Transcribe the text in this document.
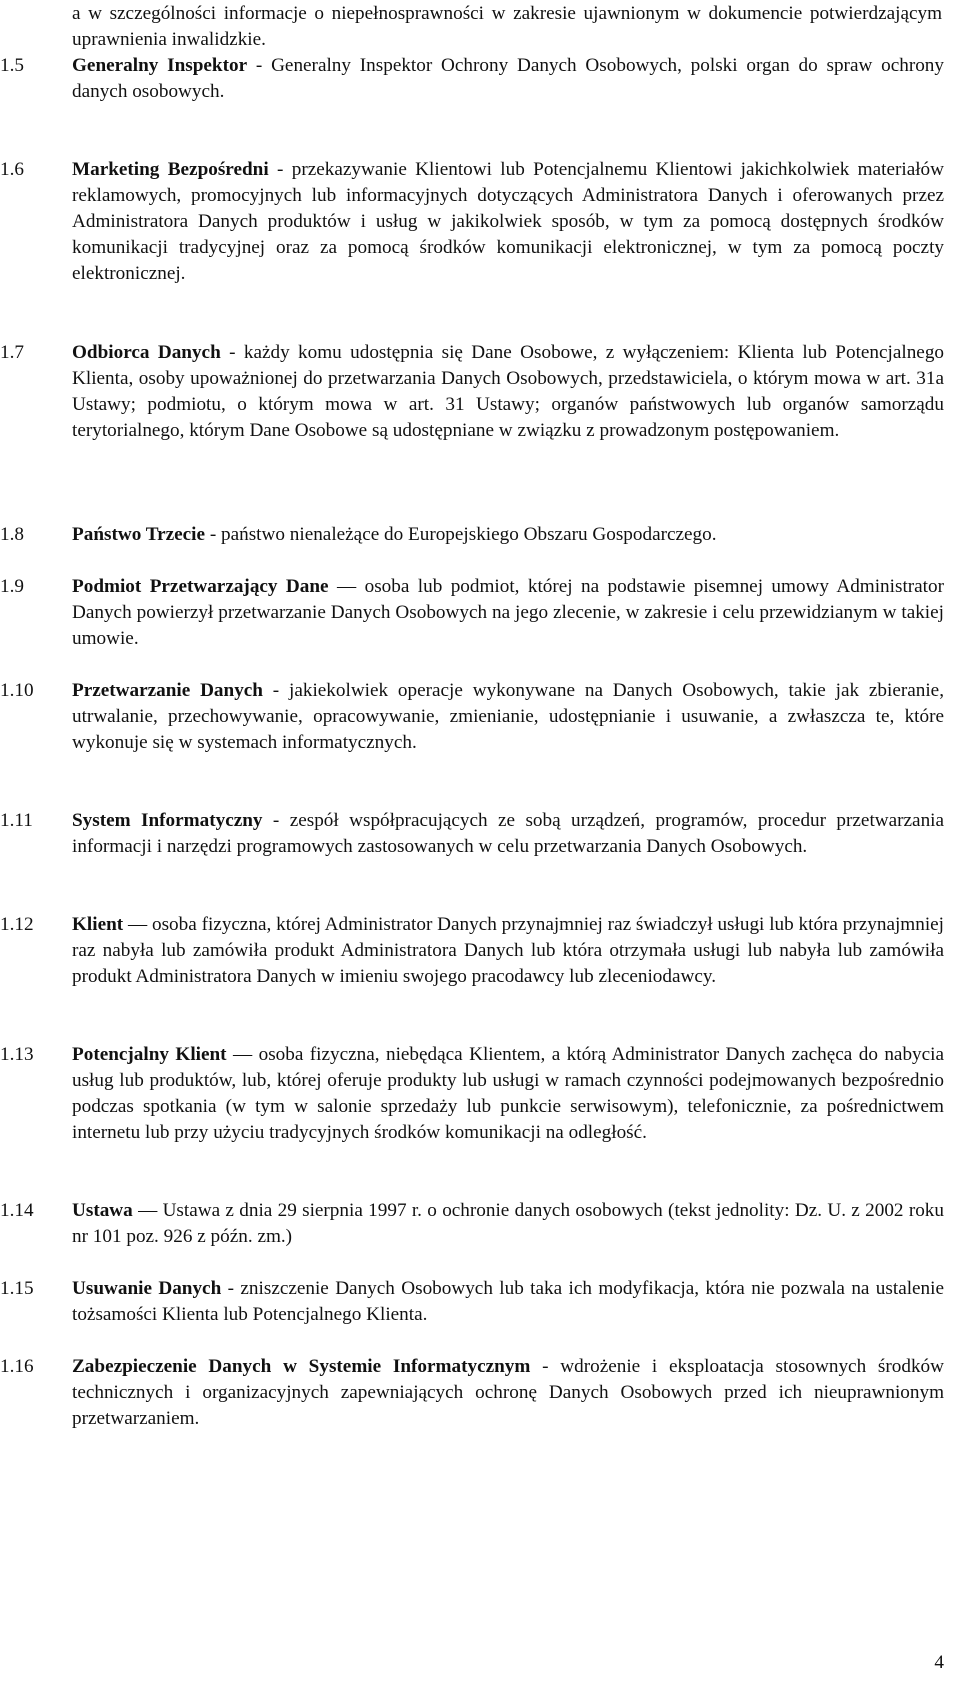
a w szczególności informacje o niepełnosprawności w zakresie ujawnionym w dokumencie potwierdzającym uprawnienia inwalidzkie.
1.5	Generalny Inspektor - Generalny Inspektor Ochrony Danych Osobowych, polski organ do spraw ochrony danych osobowych.
1.6	Marketing Bezpośredni - przekazywanie Klientowi lub Potencjalnemu Klientowi jakichkolwiek materiałów reklamowych, promocyjnych lub informacyjnych dotyczących Administratora Danych i oferowanych przez Administratora Danych produktów i usług w jakikolwiek sposób, w tym za pomocą dostępnych środków komunikacji tradycyjnej oraz za pomocą środków komunikacji elektronicznej, w tym za pomocą poczty elektronicznej.
1.7	Odbiorca Danych - każdy komu udostępnia się Dane Osobowe, z wyłączeniem: Klienta lub Potencjalnego Klienta, osoby upoważnionej do przetwarzania Danych Osobowych, przedstawiciela, o którym mowa w art. 31a Ustawy; podmiotu, o którym mowa w art. 31 Ustawy; organów państwowych lub organów samorządu terytorialnego, którym Dane Osobowe są udostępniane w związku z prowadzonym postępowaniem.
1.8	Państwo Trzecie - państwo nienależące do Europejskiego Obszaru Gospodarczego.
1.9	Podmiot Przetwarzający Dane — osoba lub podmiot, której na podstawie pisemnej umowy Administrator Danych powierzył przetwarzanie Danych Osobowych na jego zlecenie, w zakresie i celu przewidzianym w takiej umowie.
1.10	Przetwarzanie Danych - jakiekolwiek operacje wykonywane na Danych Osobowych, takie jak zbieranie, utrwalanie, przechowywanie, opracowywanie, zmienianie, udostępnianie i usuwanie, a zwłaszcza te, które wykonuje się w systemach informatycznych.
1.11	System Informatyczny - zespół współpracujących ze sobą urządzeń, programów, procedur przetwarzania informacji i narzędzi programowych zastosowanych w celu przetwarzania Danych Osobowych.
1.12	Klient — osoba fizyczna, której Administrator Danych przynajmniej raz świadczył usługi lub która przynajmniej raz nabyła lub zamówiła produkt Administratora Danych lub która otrzymała usługi lub nabyła lub zamówiła produkt Administratora Danych w imieniu swojego pracodawcy lub zleceniodawcy.
1.13	Potencjalny Klient — osoba fizyczna, niebędąca Klientem, a którą Administrator Danych zachęca do nabycia usług lub produktów, lub, której oferuje produkty lub usługi w ramach czynności podejmowanych bezpośrednio podczas spotkania (w tym w salonie sprzedaży lub punkcie serwisowym), telefonicznie, za pośrednictwem internetu lub przy użyciu tradycyjnych środków komunikacji na odległość.
1.14	Ustawa — Ustawa z dnia 29 sierpnia 1997 r. o ochronie danych osobowych (tekst jednolity: Dz. U. z 2002 roku nr 101 poz. 926 z późn. zm.)
1.15	Usuwanie Danych - zniszczenie Danych Osobowych lub taka ich modyfikacja, która nie pozwala na ustalenie tożsamości Klienta lub Potencjalnego Klienta.
1.16	Zabezpieczenie Danych w Systemie Informatycznym - wdrożenie i eksploatacja stosownych środków technicznych i organizacyjnych zapewniających ochronę Danych Osobowych przed ich nieuprawnionym przetwarzaniem.
4
